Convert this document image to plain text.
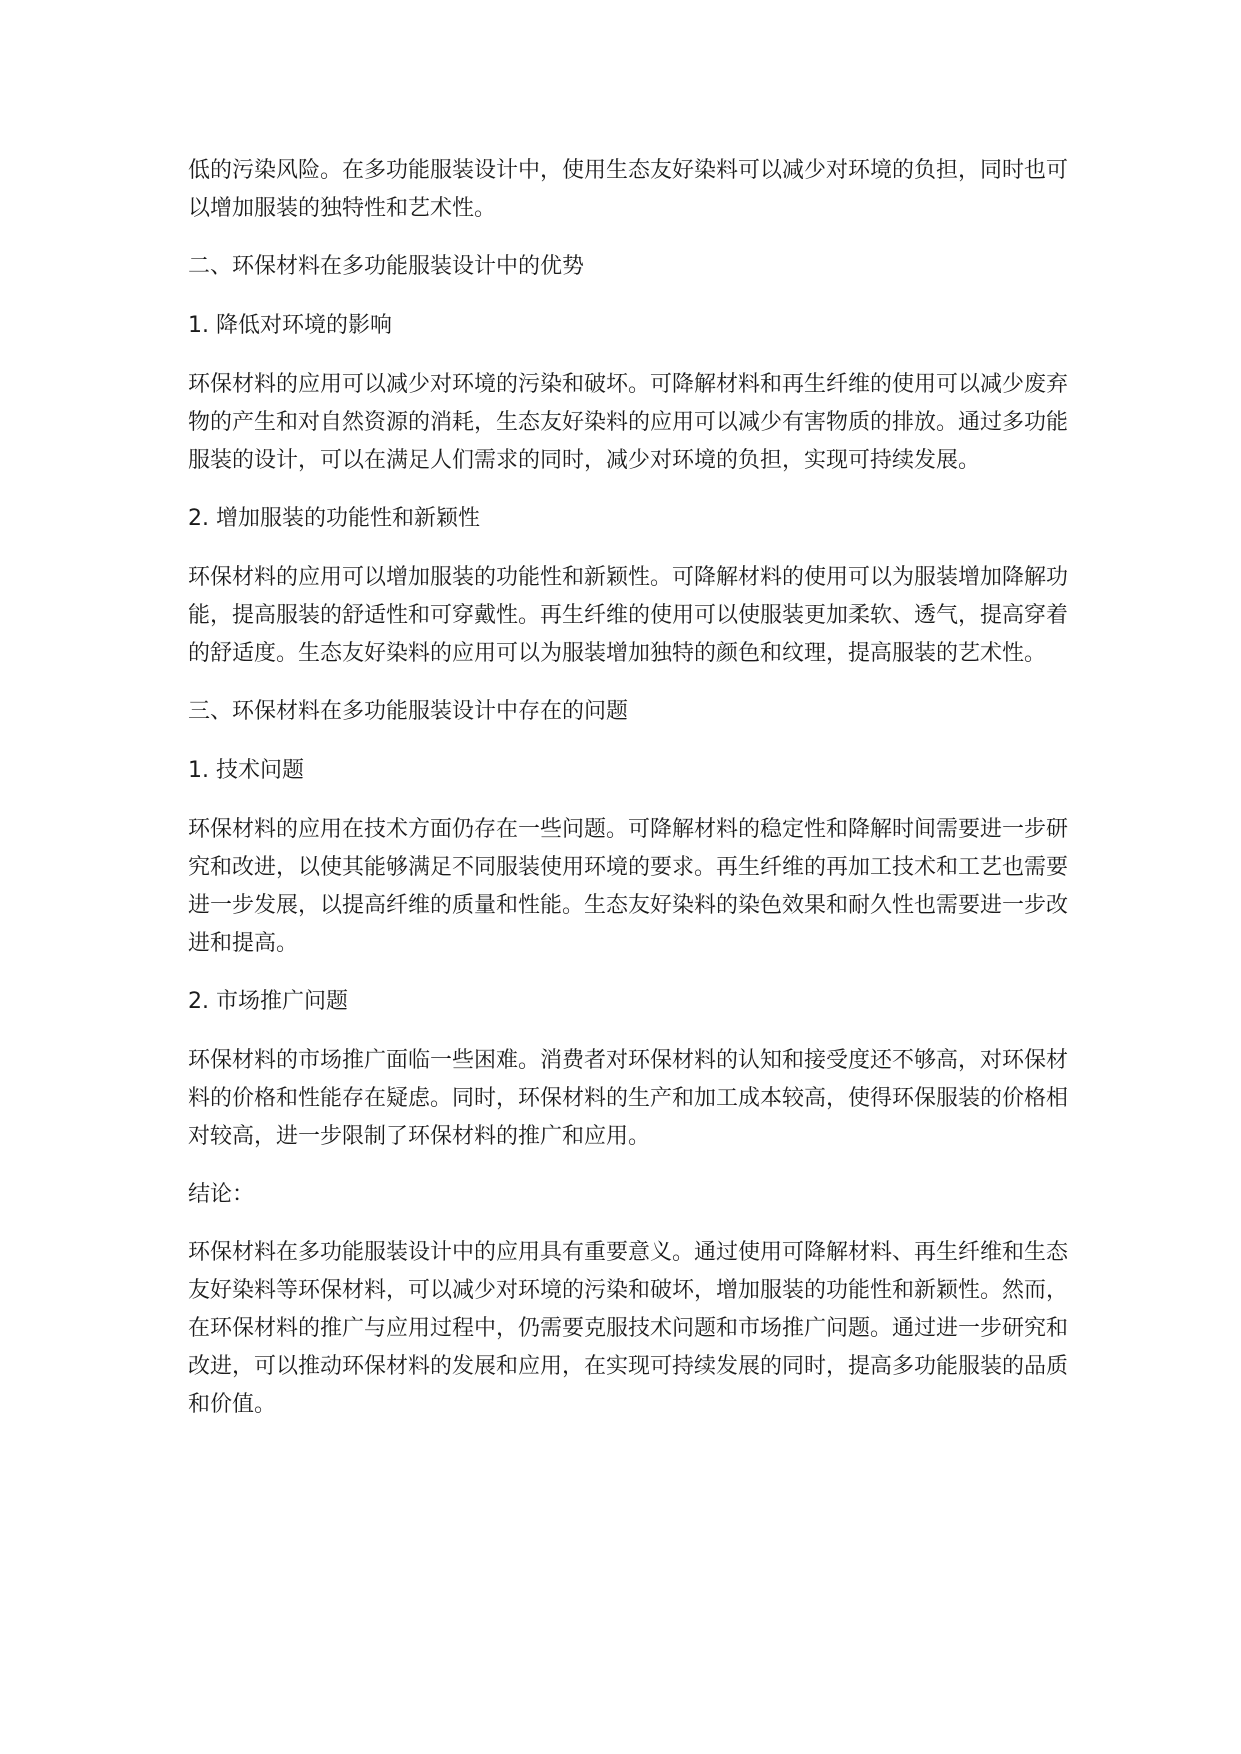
低的污染风险。在多功能服装设计中，使用生态友好染料可以减少对环境的负担，同时也可以增加服装的独特性和艺术性。

二、环保材料在多功能服装设计中的优势

1. 降低对环境的影响

环保材料的应用可以减少对环境的污染和破坏。可降解材料和再生纤维的使用可以减少废弃物的产生和对自然资源的消耗，生态友好染料的应用可以减少有害物质的排放。通过多功能服装的设计，可以在满足人们需求的同时，减少对环境的负担，实现可持续发展。

2. 增加服装的功能性和新颖性

环保材料的应用可以增加服装的功能性和新颖性。可降解材料的使用可以为服装增加降解功能，提高服装的舒适性和可穿戴性。再生纤维的使用可以使服装更加柔软、透气，提高穿着的舒适度。生态友好染料的应用可以为服装增加独特的颜色和纹理，提高服装的艺术性。

三、环保材料在多功能服装设计中存在的问题

1. 技术问题

环保材料的应用在技术方面仍存在一些问题。可降解材料的稳定性和降解时间需要进一步研究和改进，以使其能够满足不同服装使用环境的要求。再生纤维的再加工技术和工艺也需要进一步发展，以提高纤维的质量和性能。生态友好染料的染色效果和耐久性也需要进一步改进和提高。

2. 市场推广问题

环保材料的市场推广面临一些困难。消费者对环保材料的认知和接受度还不够高，对环保材料的价格和性能存在疑虑。同时，环保材料的生产和加工成本较高，使得环保服装的价格相对较高，进一步限制了环保材料的推广和应用。

结论：

环保材料在多功能服装设计中的应用具有重要意义。通过使用可降解材料、再生纤维和生态友好染料等环保材料，可以减少对环境的污染和破坏，增加服装的功能性和新颖性。然而，在环保材料的推广与应用过程中，仍需要克服技术问题和市场推广问题。通过进一步研究和改进，可以推动环保材料的发展和应用，在实现可持续发展的同时，提高多功能服装的品质和价值。
